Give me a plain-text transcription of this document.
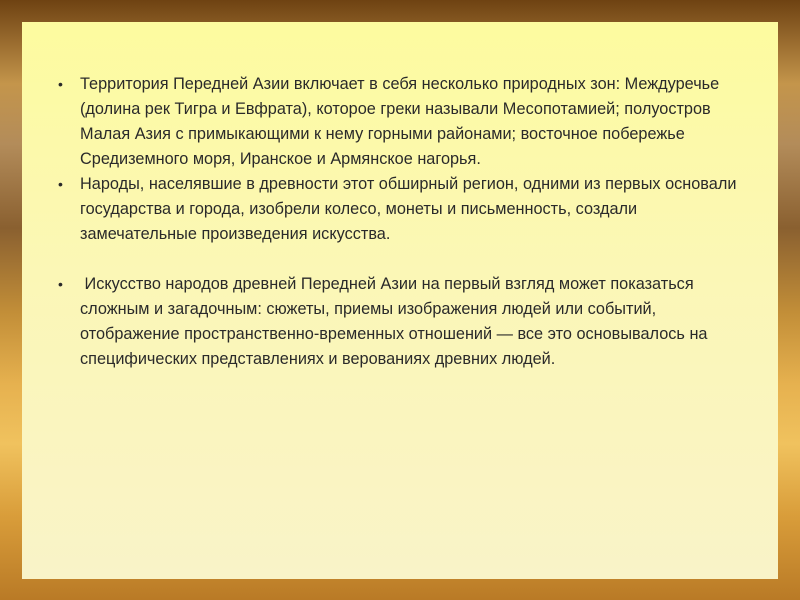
• Территория Передней Азии включает в себя несколько природных зон: Междуречье (долина рек Тигра и Евфрата), которое греки называли Месопотамией; полуостров Малая Азия с примыкающими к нему горными районами; восточное побережье Средиземного моря, Иранское и Армянское нагорья.
• Народы, населявшие в древности этот обширный регион, одними из первых основали государства и города, изобрели колесо, монеты и письменность, создали замечательные произведения искусства.
• Искусство народов древней Передней Азии на первый взгляд может показаться сложным и загадочным: сюжеты, приемы изображения людей или событий, отображение пространственно-временных отношений — все это основывалось на специфических представлениях и верованиях древних людей.
